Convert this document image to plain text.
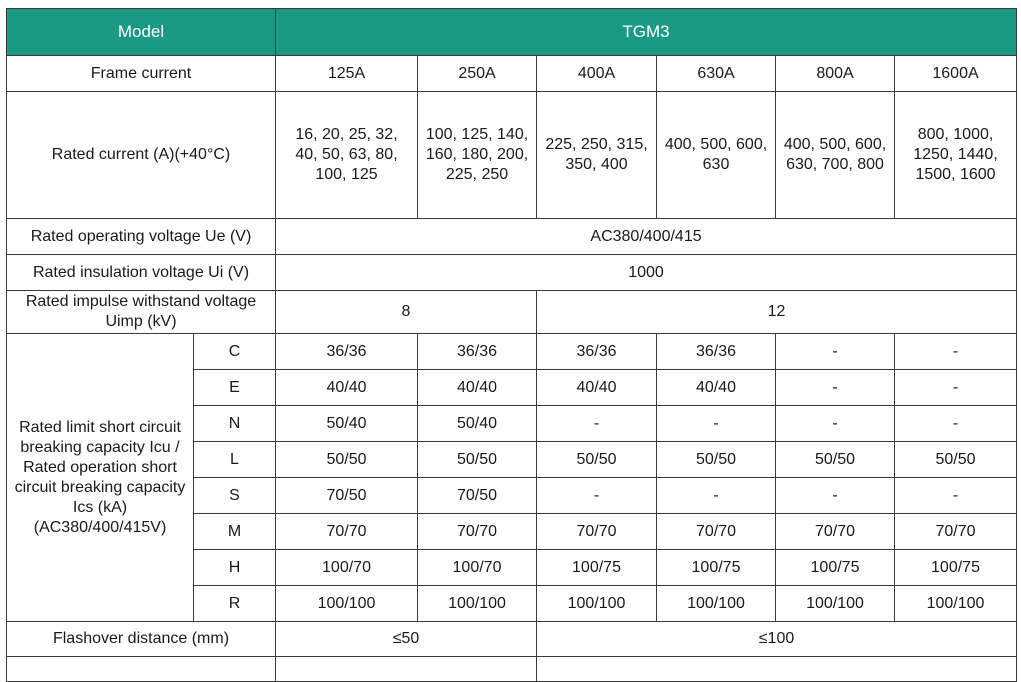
Model		TGM3					
Frame current		125A	250A	400A	630A	800A	1600A
Rated current (A)(+40°C)		16, 20, 25, 32, 40, 50, 63, 80, 100, 125	100, 125, 140, 160, 180, 200, 225, 250	225, 250, 315, 350, 400	400, 500, 600, 630	400, 500, 600, 630, 700, 800	800, 1000, 1250, 1440, 1500, 1600
Rated operating voltage Ue (V)		AC380/400/415					
Rated insulation voltage Ui (V)		1000					
Rated impulse withstand voltage Uimp (kV)		8		12			
Rated limit short circuit breaking capacity Icu / Rated operation short circuit breaking capacity Ics (kA) (AC380/400/415V)	C	36/36	36/36	36/36	36/36	-	-
	E	40/40	40/40	40/40	40/40	-	-
	N	50/40	50/40	-	-	-	-
	L	50/50	50/50	50/50	50/50	50/50	50/50
	S	70/50	70/50	-	-	-	-
	M	70/70	70/70	70/70	70/70	70/70	70/70
	H	100/70	100/70	100/75	100/75	100/75	100/75
	R	100/100	100/100	100/100	100/100	100/100	100/100
Flashover distance (mm)		≤50		≤100			
